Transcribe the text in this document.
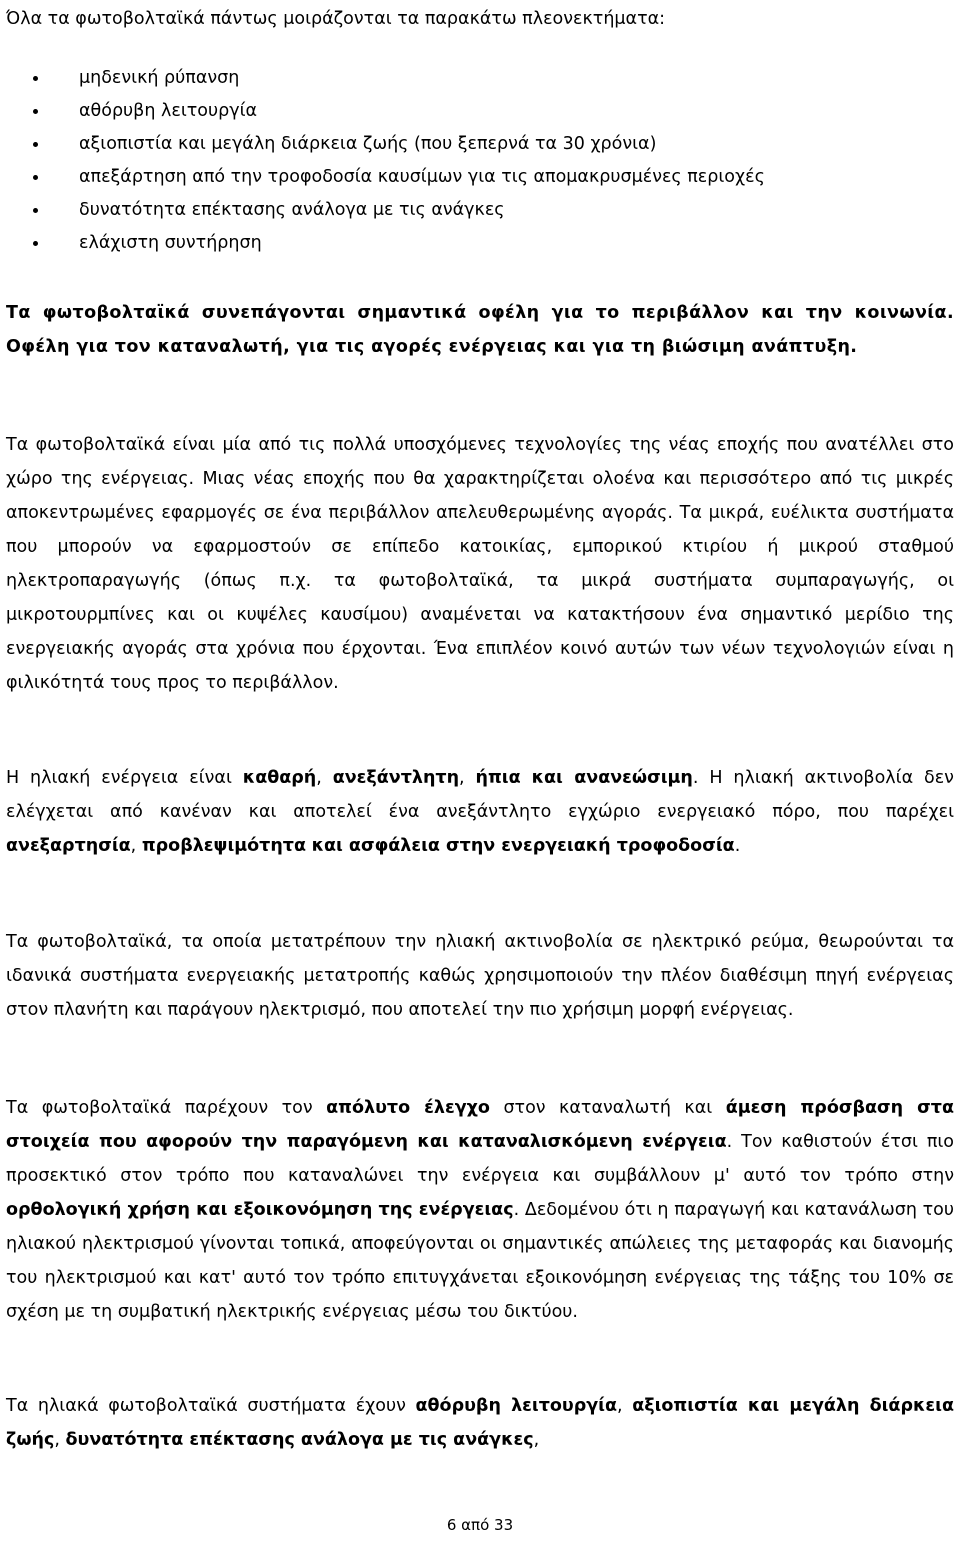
Όλα τα φωτοβολταϊκά πάντως μοιράζονται τα παρακάτω πλεονεκτήματα:

μηδενική ρύπανση
αθόρυβη λειτουργία
αξιοπιστία και μεγάλη διάρκεια ζωής (που ξεπερνά τα 30 χρόνια)
απεξάρτηση από την τροφοδοσία καυσίμων για τις απομακρυσμένες περιοχές
δυνατότητα επέκτασης ανάλογα με τις ανάγκες
ελάχιστη συντήρηση

Τα φωτοβολταϊκά συνεπάγονται σημαντικά οφέλη για το περιβάλλον και την κοινωνία. Οφέλη για τον καταναλωτή, για τις αγορές ενέργειας και για τη βιώσιμη ανάπτυξη.

Τα φωτοβολταϊκά είναι μία από τις πολλά υποσχόμενες τεχνολογίες της νέας εποχής που ανατέλλει στο χώρο της ενέργειας. Μιας νέας εποχής που θα χαρακτηρίζεται ολοένα και περισσότερο από τις μικρές αποκεντρωμένες εφαρμογές σε ένα περιβάλλον απελευθερωμένης αγοράς. Τα μικρά, ευέλικτα συστήματα που μπορούν να εφαρμοστούν σε επίπεδο κατοικίας, εμπορικού κτιρίου ή μικρού σταθμού ηλεκτροπαραγωγής (όπως π.χ. τα φωτοβολταϊκά, τα μικρά συστήματα συμπαραγωγής, οι μικροτουρμπίνες και οι κυψέλες καυσίμου) αναμένεται να κατακτήσουν ένα σημαντικό μερίδιο της ενεργειακής αγοράς στα χρόνια που έρχονται. Ένα επιπλέον κοινό αυτών των νέων τεχνολογιών είναι η φιλικότητά τους προς το περιβάλλον.

Η ηλιακή ενέργεια είναι καθαρή, ανεξάντλητη, ήπια και ανανεώσιμη. Η ηλιακή ακτινοβολία δεν ελέγχεται από κανέναν και αποτελεί ένα ανεξάντλητο εγχώριο ενεργειακό πόρο, που παρέχει ανεξαρτησία, προβλεψιμότητα και ασφάλεια στην ενεργειακή τροφοδοσία.

Τα φωτοβολταϊκά, τα οποία μετατρέπουν την ηλιακή ακτινοβολία σε ηλεκτρικό ρεύμα, θεωρούνται τα ιδανικά συστήματα ενεργειακής μετατροπής καθώς χρησιμοποιούν την πλέον διαθέσιμη πηγή ενέργειας στον πλανήτη και παράγουν ηλεκτρισμό, που αποτελεί την πιο χρήσιμη μορφή ενέργειας.

Τα φωτοβολταϊκά παρέχουν τον απόλυτο έλεγχο στον καταναλωτή και άμεση πρόσβαση στα στοιχεία που αφορούν την παραγόμενη και καταναλισκόμενη ενέργεια. Τον καθιστούν έτσι πιο προσεκτικό στον τρόπο που καταναλώνει την ενέργεια και συμβάλλουν μ' αυτό τον τρόπο στην ορθολογική χρήση και εξοικονόμηση της ενέργειας. Δεδομένου ότι η παραγωγή και κατανάλωση του ηλιακού ηλεκτρισμού γίνονται τοπικά, αποφεύγονται οι σημαντικές απώλειες της μεταφοράς και διανομής του ηλεκτρισμού και κατ' αυτό τον τρόπο επιτυγχάνεται εξοικονόμηση ενέργειας της τάξης του 10% σε σχέση με τη συμβατική ηλεκτρικής ενέργειας μέσω του δικτύου.

Τα ηλιακά φωτοβολταϊκά συστήματα έχουν αθόρυβη λειτουργία, αξιοπιστία και μεγάλη διάρκεια ζωής, δυνατότητα επέκτασης ανάλογα με τις ανάγκες,

6 από 33
